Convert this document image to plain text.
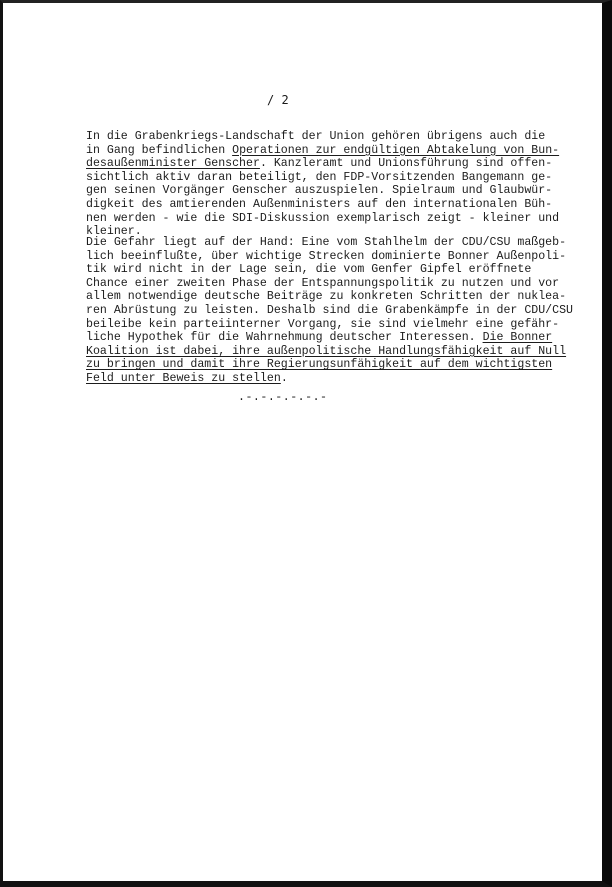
/ 2
In die Grabenkriegs-Landschaft der Union gehören übrigens auch die
in Gang befindlichen Operationen zur endgültigen Abtakelung von Bun-
desaußenminister Genscher. Kanzleramt und Unionsführung sind offen-
sichtlich aktiv daran beteiligt, den FDP-Vorsitzenden Bangemann ge-
gen seinen Vorgänger Genscher auszuspielen. Spielraum und Glaubwür-
digkeit des amtierenden Außenministers auf den internationalen Büh-
nen werden - wie die SDI-Diskussion exemplarisch zeigt - kleiner und
kleiner.
Die Gefahr liegt auf der Hand: Eine vom Stahlhelm der CDU/CSU maßgeb-
lich beeinflußte, über wichtige Strecken dominierte Bonner Außenpoli-
tik wird nicht in der Lage sein, die vom Genfer Gipfel eröffnete
Chance einer zweiten Phase der Entspannungspolitik zu nutzen und vor
allem notwendige deutsche Beiträge zu konkreten Schritten der nuklea-
ren Abrüstung zu leisten. Deshalb sind die Grabenkämpfe in der CDU/CSU
beileibe kein parteiinterner Vorgang, sie sind vielmehr eine gefähr-
liche Hypothek für die Wahrnehmung deutscher Interessen. Die Bonner
Koalition ist dabei, ihre außenpolitische Handlungsfähigkeit auf Null
zu bringen und damit ihre Regierungsunfähigkeit auf dem wichtigsten
Feld unter Beweis zu stellen.
.-.-.-.-.-.-
